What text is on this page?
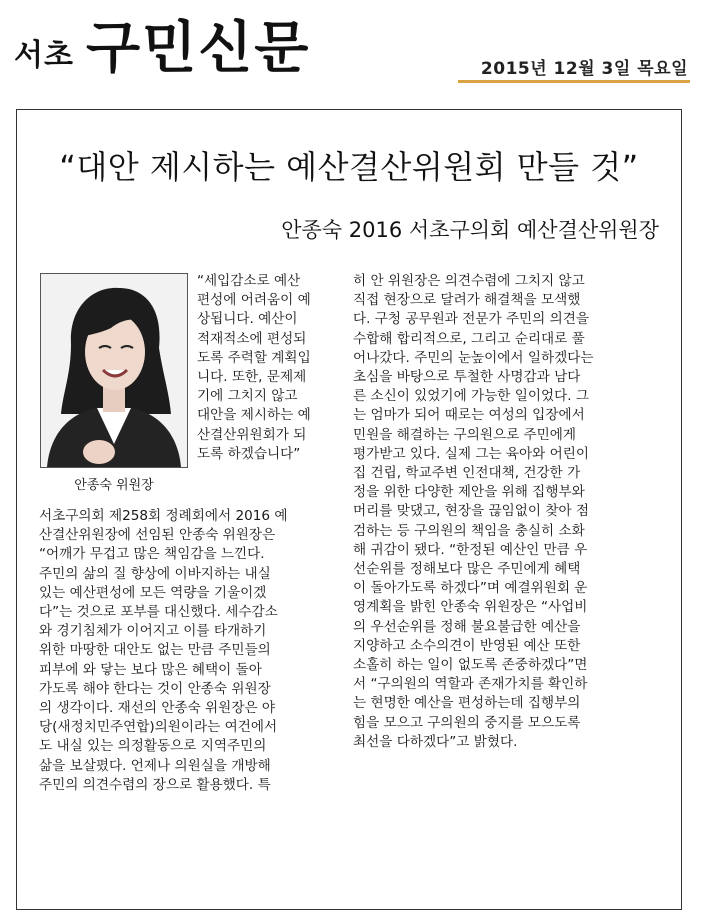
서초 구민신문	2015년 12월 3일 목요일
“대안 제시하는 예산결산위원회 만들 것”
안종숙 2016 서초구의회 예산결산위원장
안종숙 위원장
“세입감소로 예산
편성에 어려움이 예
상됩니다. 예산이
적재적소에 편성되
도록 주력할 계획입
니다. 또한, 문제제
기에 그치지 않고
대안을 제시하는 예
산결산위원회가 되
도록 하겠습니다”
서초구의회 제258회 정례회에서 2016 예
산결산위원장에 선임된 안종숙 위원장은
“어깨가 무겁고 많은 책임감을 느낀다.
주민의 삶의 질 향상에 이바지하는 내실
있는 예산편성에 모든 역량을 기울이겠
다”는 것으로 포부를 대신했다. 세수감소
와 경기침체가 이어지고 이를 타개하기
위한 마땅한 대안도 없는 만큼 주민들의
피부에 와 닿는 보다 많은 혜택이 돌아
가도록 해야 한다는 것이 안종숙 위원장
의 생각이다. 재선의 안종숙 위원장은 야
당(새정치민주연합)의원이라는 여건에서
도 내실 있는 의정활동으로 지역주민의
삶을 보살폈다. 언제나 의원실을 개방해
주민의 의견수렴의 장으로 활용했다. 특
히 안 위원장은 의견수렴에 그치지 않고
직접 현장으로 달려가 해결책을 모색했
다. 구청 공무원과 전문가 주민의 의견을
수합해 합리적으로, 그리고 순리대로 풀
어나갔다. 주민의 눈높이에서 일하겠다는
초심을 바탕으로 투철한 사명감과 남다
른 소신이 있었기에 가능한 일이었다. 그
는 엄마가 되어 때로는 여성의 입장에서
민원을 해결하는 구의원으로 주민에게
평가받고 있다. 실제 그는 육아와 어린이
집 건립, 학교주변 인전대책, 건강한 가
정을 위한 다양한 제안을 위해 집행부와
머리를 맞댔고, 현장을 끊임없이 찾아 점
검하는 등 구의원의 책임을 충실히 소화
해 귀감이 됐다. “한정된 예산인 만큼 우
선순위를 정해보다 많은 주민에게 혜택
이 돌아가도록 하겠다”며 예결위원회 운
영계획을 밝힌 안종숙 위원장은 “사업비
의 우선순위를 정해 불요불급한 예산을
지양하고 소수의견이 반영된 예산 또한
소홀히 하는 일이 없도록 존중하겠다”면
서 “구의원의 역할과 존재가치를 확인하
는 현명한 예산을 편성하는데 집행부의
힘을 모으고 구의원의 중지를 모으도록
최선을 다하겠다”고 밝혔다.
